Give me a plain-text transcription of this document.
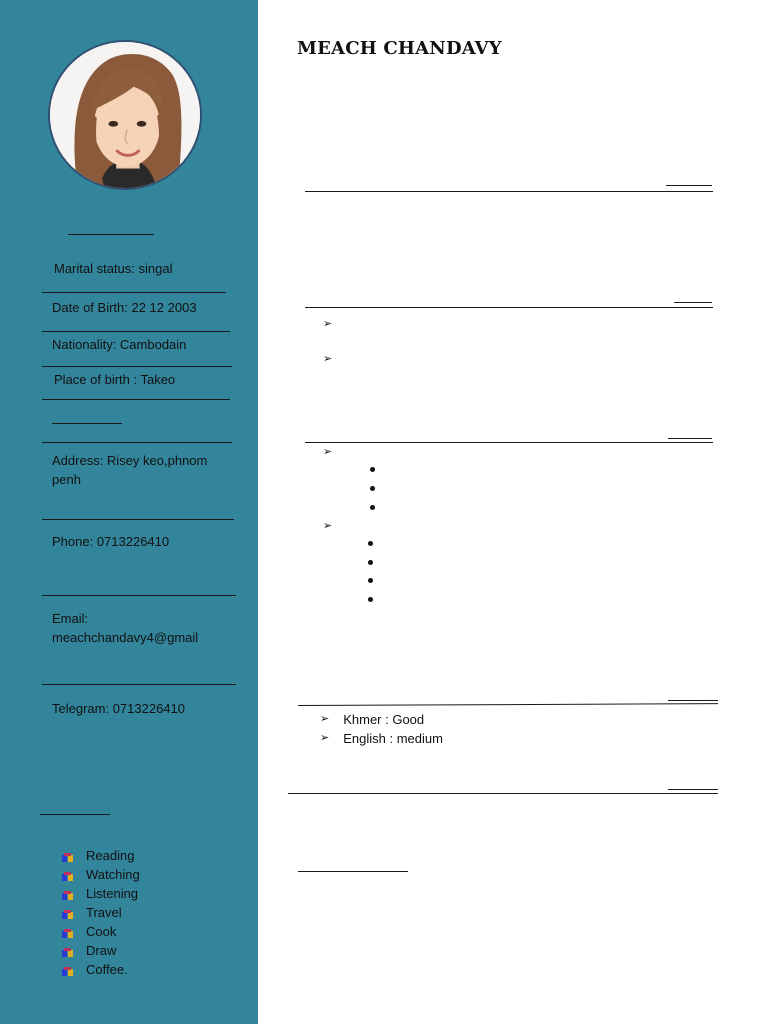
Marital status: singal
Date of Birth: 22 12 2003
Nationality: Cambodain
Place of birth : Takeo
Address: Risey keo,phnom
penh
Phone: 0713226410
Email:
meachchandavy4@gmail
Telegram: 0713226410
Reading
Watching
Listening
Travel
Cook
Draw
Coffee.
MEACH CHANDAVY
➢
➢
➢
➢
➢ Khmer : Good
➢ English : medium
